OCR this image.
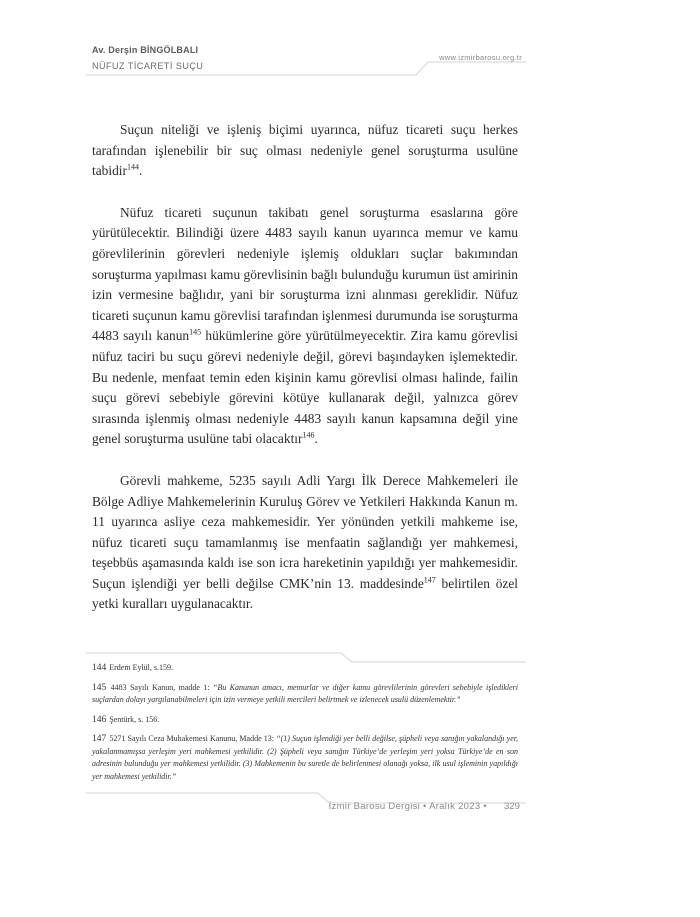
Av. Derşin BİNGÖLBALI
NÜFUZ TİCARETİ SUÇU
www.izmirbarosu.org.tr

Suçun niteliği ve işleniş biçimi uyarınca, nüfuz ticareti suçu herkes tarafından işlenebilir bir suç olması nedeniyle genel soruşturma usulüne tabidir$^{144}$.

Nüfuz ticareti suçunun takibatı genel soruşturma esaslarına göre yürütülecektir. Bilindiği üzere 4483 sayılı kanun uyarınca memur ve kamu görevlilerinin görevleri nedeniyle işlemiş oldukları suçlar bakımından soruşturma yapılması kamu görevlisinin bağlı bulunduğu kurumun üst amirinin izin vermesine bağlıdır, yani bir soruşturma izni alınması gereklidir. Nüfuz ticareti suçunun kamu görevlisi tarafından işlenmesi durumunda ise soruşturma 4483 sayılı kanun$^{145}$ hükümlerine göre yürütülmeyecektir. Zira kamu görevlisi nüfuz taciri bu suçu görevi nedeniyle değil, görevi başındayken işlemektedir. Bu nedenle, menfaat temin eden kişinin kamu görevlisi olması halinde, failin suçu görevi sebebiyle görevini kötüye kullanarak değil, yalnızca görev sırasında işlenmiş olması nedeniyle 4483 sayılı kanun kapsamına değil yine genel soruşturma usulüne tabi olacaktır$^{146}$.

Görevli mahkeme, 5235 sayılı Adli Yargı İlk Derece Mahkemeleri ile Bölge Adliye Mahkemelerinin Kuruluş Görev ve Yetkileri Hakkında Kanun m. 11 uyarınca asliye ceza mahkemesidir. Yer yönünden yetkili mahkeme ise, nüfuz ticareti suçu tamamlanmış ise menfaatin sağlandığı yer mahkemesi, teşebbüs aşamasında kaldı ise son icra hareketinin yapıldığı yer mahkemesidir. Suçun işlendiği yer belli değilse CMK’nin 13. maddesinde$^{147}$ belirtilen özel yetki kuralları uygulanacaktır.

144 Erdem Eylül, s.159.

145 4483 Sayılı Kanun, madde 1: “Bu Kanunun amacı, memurlar ve diğer kamu görevlilerinin görevleri sebebiyle işledikleri suçlardan dolayı yargılanabilmeleri için izin vermeye yetkili mercileri belirtmek ve izlenecek usulü düzenlemektir.”

146 Şentürk, s. 156.

147 5271 Sayılı Ceza Muhakemesi Kanunu, Madde 13: “(1) Suçun işlendiği yer belli değilse, şüpheli veya sanığın yakalandığı yer, yakalanmamışsa yerleşim yeri mahkemesi yetkilidir. (2) Şüpheli veya sanığın Türkiye’de yerleşim yeri yoksa Türkiye’de en son adresinin bulunduğu yer mahkemesi yetkilidir. (3) Mahkemenin bu suretle de belirlenmesi olanağı yoksa, ilk usul işleminin yapıldığı yer mahkemesi yetkilidir.”

İzmir Barosu Dergisi • Aralık 2023 • 329
